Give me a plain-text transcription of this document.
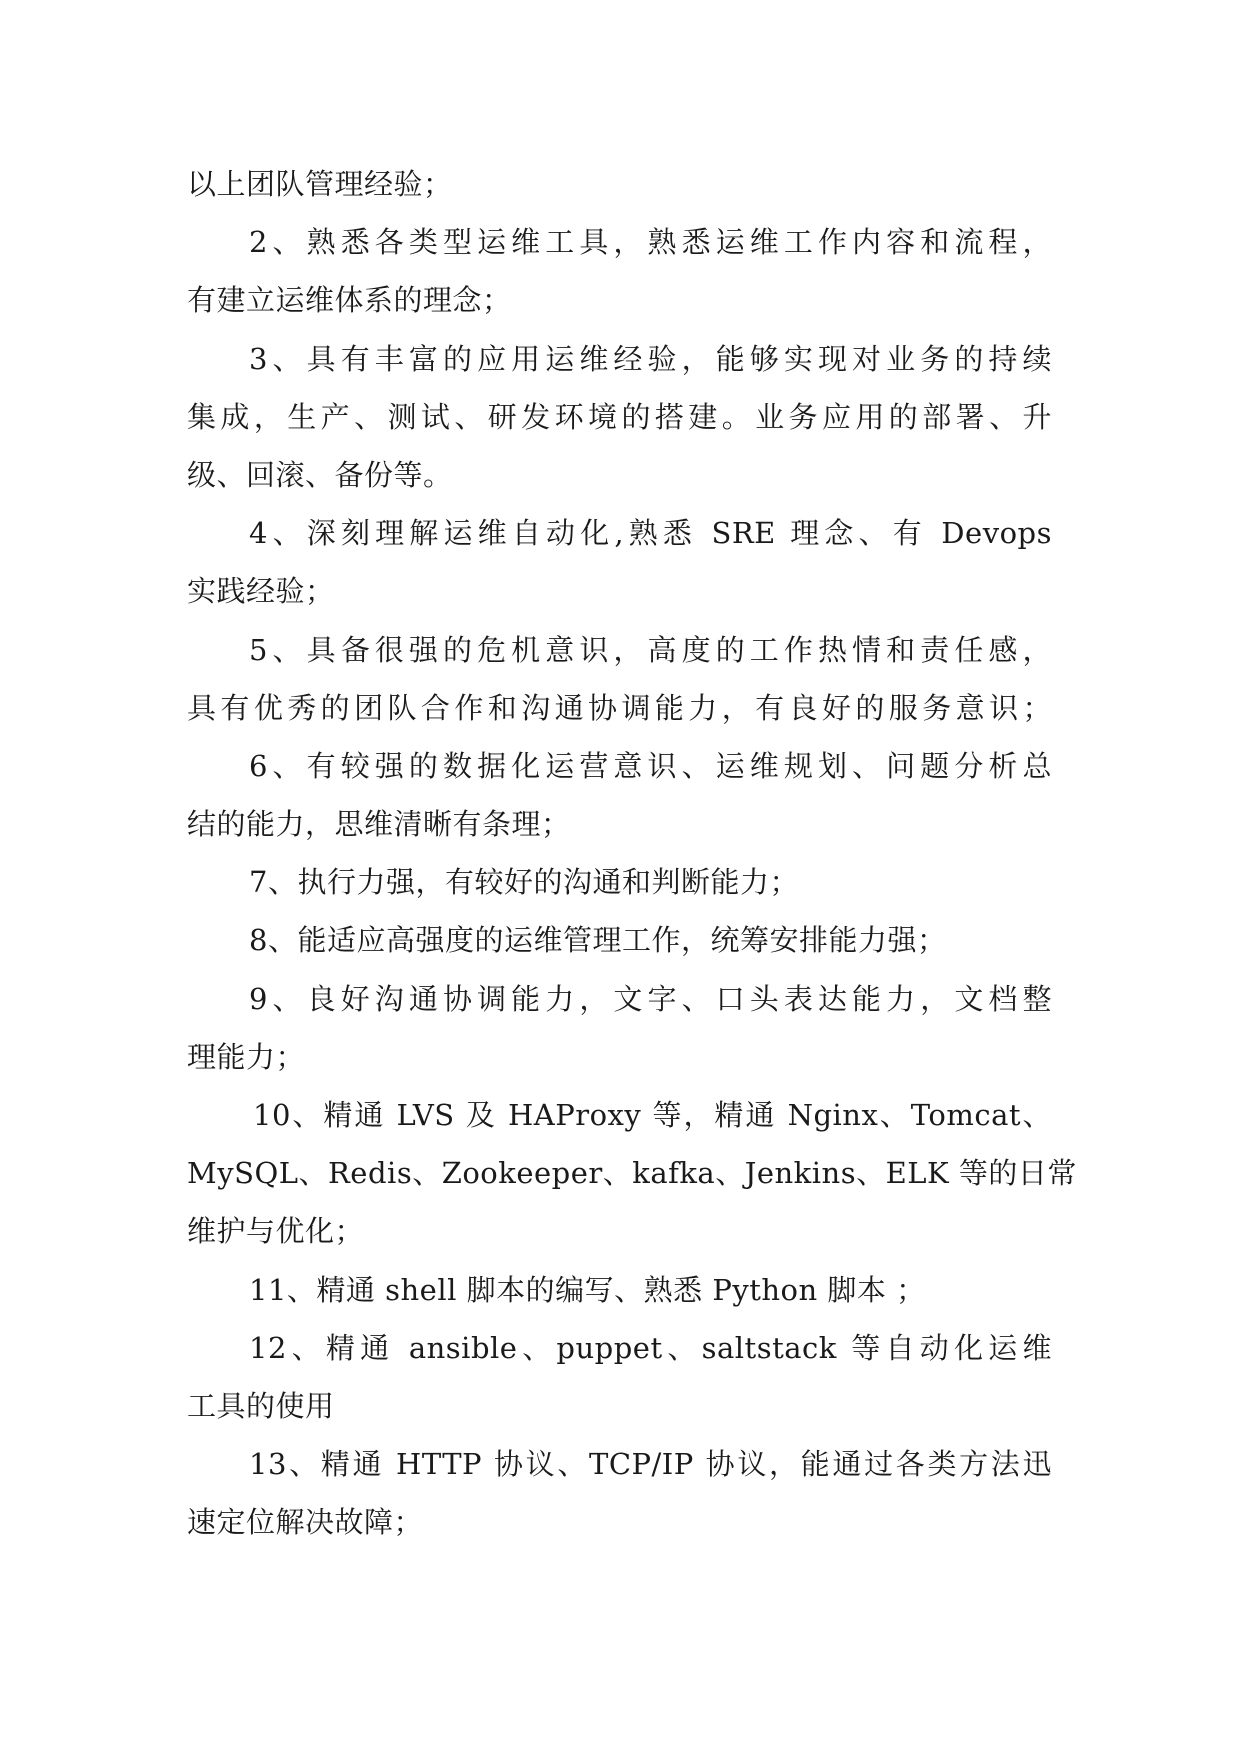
以上团队管理经验；
2、熟悉各类型运维工具，熟悉运维工作内容和流程，
有建立运维体系的理念；
3、具有丰富的应用运维经验，能够实现对业务的持续
集成，生产、测试、研发环境的搭建。业务应用的部署、升
级、回滚、备份等。
4、深刻理解运维自动化,熟悉 SRE 理念、有 Devops
实践经验；
5、具备很强的危机意识，高度的工作热情和责任感，
具有优秀的团队合作和沟通协调能力，有良好的服务意识；
6、有较强的数据化运营意识、运维规划、问题分析总
结的能力，思维清晰有条理；
7、执行力强，有较好的沟通和判断能力；
8、能适应高强度的运维管理工作，统筹安排能力强；
9、良好沟通协调能力，文字、口头表达能力，文档整
理能力；
10、精通 LVS 及 HAProxy 等，精通 Nginx、Tomcat、
MySQL、Redis、Zookeeper、kafka、Jenkins、ELK 等的日常
维护与优化；
11、精通 shell 脚本的编写、熟悉 Python 脚本 ；
12、精通 ansible、puppet、saltstack 等自动化运维
工具的使用
13、精通 HTTP 协议、TCP/IP 协议，能通过各类方法迅
速定位解决故障；
